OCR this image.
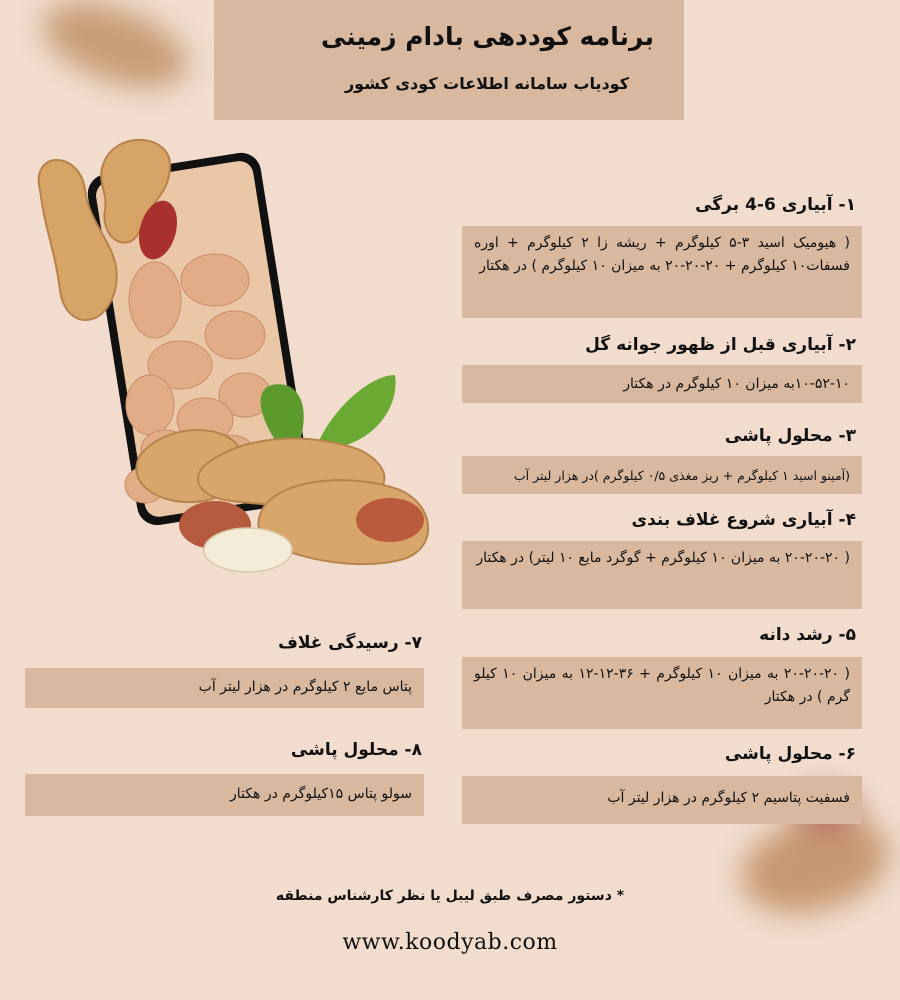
برنامه کوددهی بادام زمینی
کودیاب سامانه اطلاعات کودی کشور
۱- آبیاری 6-4 برگی
( هیومیک اسید ۳-۵ کیلوگرم + ریشه زا ۲ کیلوگرم + اوره فسفات۱۰ کیلوگرم + ۲۰-۲۰-۲۰ به میزان ۱۰ کیلوگرم ) در هکتار
۲- آبیاری قبل از ظهور جوانه گل
۱۰-۵۲-۱۰به میزان ۱۰ کیلوگرم در هکتار
۳- محلول پاشی
(آمینو اسید ۱ کیلوگرم + ریز مغذی ۰/۵ کیلوگرم )در هزار لیتر آب
۴- آبیاری شروع غلاف بندی
( ۲۰-۲۰-۲۰ به میزان ۱۰ کیلوگرم + گوگرد مایع ۱۰ لیتر) در هکتار
۵- رشد دانه
( ۲۰-۲۰-۲۰ به میزان ۱۰ کیلوگرم + ۳۶-۱۲-۱۲ به میزان ۱۰ کیلو گرم ) در هکتار
۶- محلول پاشی
فسفیت پتاسیم ۲ کیلوگرم در هزار لیتر آب
۷- رسیدگی غلاف
پتاس مایع ۲ کیلوگرم در هزار لیتر آب
۸- محلول پاشی
سولو پتاس ۱۵کیلوگرم در هکتار
* دستور مصرف طبق لیبل یا نظر کارشناس منطقه
www.koodyab.com
